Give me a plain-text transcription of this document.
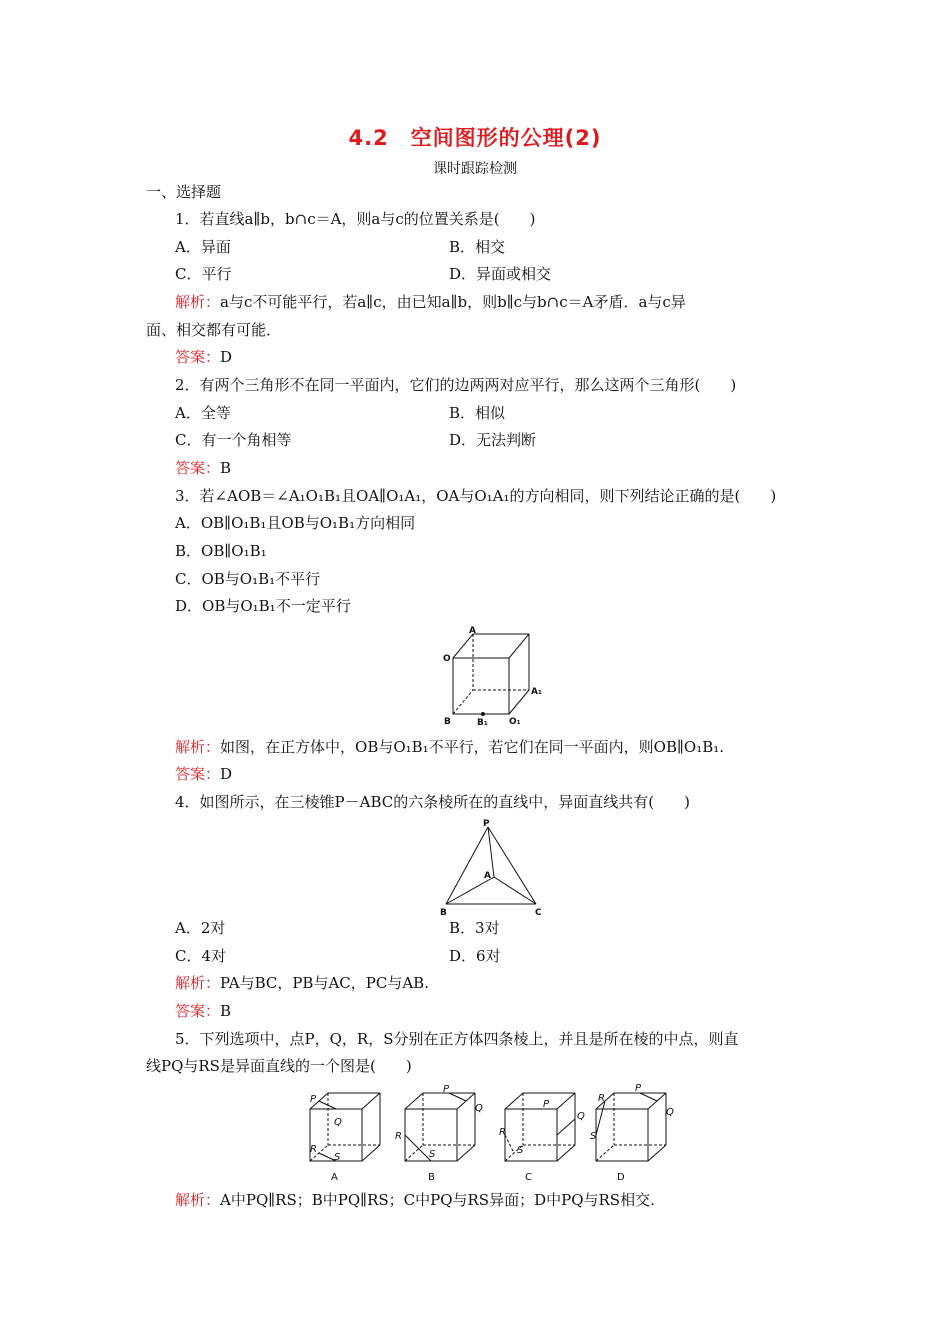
4.2　空间图形的公理(2)
课时跟踪检测
一、选择题
1．若直线a∥b，b∩c＝A，则a与c的位置关系是(　　)
A．异面	B．相交
C．平行	D．异面或相交
解析：a与c不可能平行，若a∥c，由已知a∥b，则b∥c与b∩c＝A矛盾．a与c异
面、相交都有可能．
答案：D
2．有两个三角形不在同一平面内，它们的边两两对应平行，那么这两个三角形(　　)
A．全等	B．相似
C．有一个角相等	D．无法判断
答案：B
3．若∠AOB＝∠A₁O₁B₁且OA∥O₁A₁，OA与O₁A₁的方向相同，则下列结论正确的是(　　)
A．OB∥O₁B₁且OB与O₁B₁方向相同
B．OB∥O₁B₁
C．OB与O₁B₁不平行
D．OB与O₁B₁不一定平行
A
O
A₁
B	B₁ O₁
解析：如图，在正方体中，OB与O₁B₁不平行，若它们在同一平面内，则OB∥O₁B₁.
答案：D
4．如图所示，在三棱锥P－ABC的六条棱所在的直线中，异面直线共有(　　)
P
A
B	C
A．2对	B．3对
C．4对	D．6对
解析：PA与BC，PB与AC，PC与AB.
答案：B
5．下列选项中，点P，Q，R，S分别在正方体四条棱上，并且是所在棱的中点，则直
线PQ与RS是异面直线的一个图是(　　)
P
Q
R
S
A
P
Q
R
S
B
P
Q
R
S
C
P
Q
R
S
D
解析：A中PQ∥RS；B中PQ∥RS；C中PQ与RS异面；D中PQ与RS相交.
